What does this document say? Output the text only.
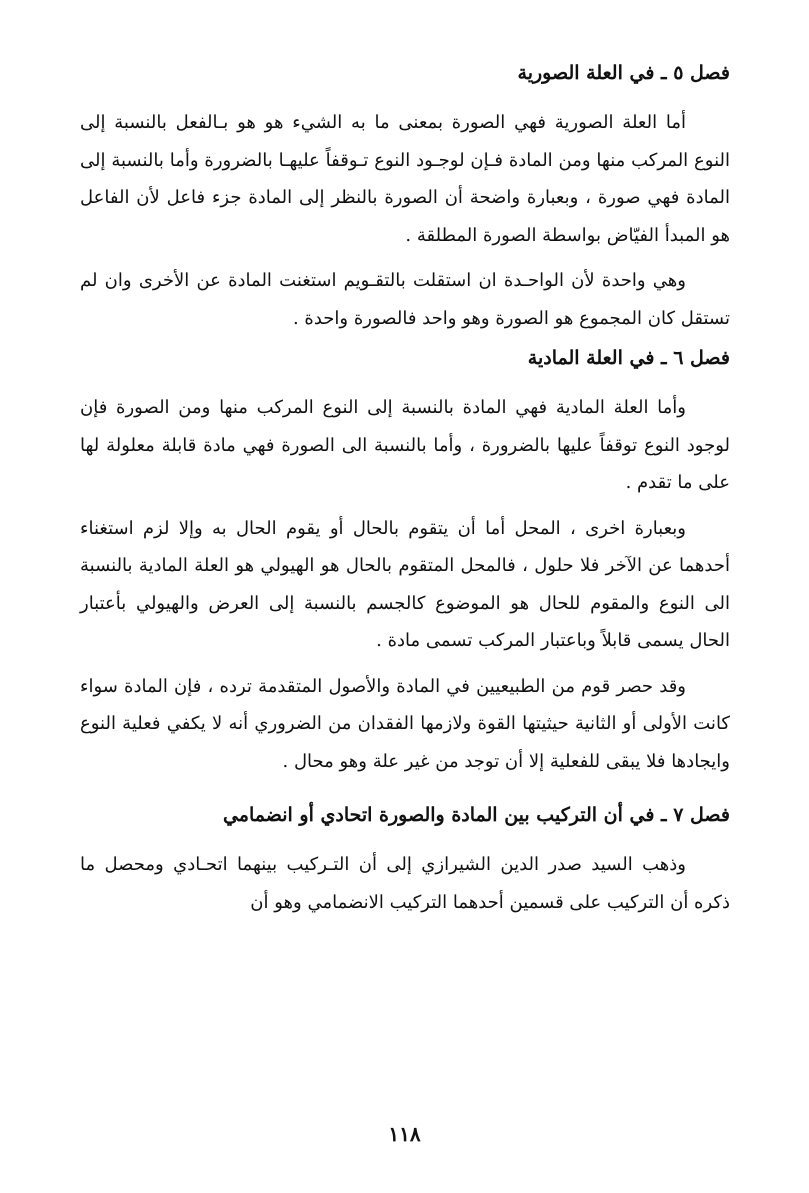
فصل ٥ ـ في العلة الصورية

أما العلة الصورية فهي الصورة بمعنى ما به الشيء هو هو بـالفعل بالنسبة إلى النوع المركب منها ومن المادة فـإن لوجـود النوع تـوقفاً عليهـا بالضرورة وأما بالنسبة إلى المادة فهي صورة ، وبعبارة واضحة أن الصورة بالنظر إلى المادة جزء فاعل لأن الفاعل هو المبدأ الفيّاض بواسطة الصورة المطلقة .

وهي واحدة لأن الواحـدة ان استقلت بالتقـويم استغنت المادة عن الأخرى وان لم تستقل كان المجموع هو الصورة وهو واحد فالصورة واحدة .

فصل ٦ ـ في العلة المادية

وأما العلة المادية فهي المادة بالنسبة إلى النوع المركب منها ومن الصورة فإن لوجود النوع توقفاً عليها بالضرورة ، وأما بالنسبة الى الصورة فهي مادة قابلة معلولة لها على ما تقدم .

وبعبارة اخرى ، المحل أما أن يتقوم بالحال أو يقوم الحال به وإلا لزم استغناء أحدهما عن الآخر فلا حلول ، فالمحل المتقوم بالحال هو الهيولي هو العلة المادية بالنسبة الى النوع والمقوم للحال هو الموضوع كالجسم بالنسبة إلى العرض والهيولي بأعتبار الحال يسمى قابلاً وباعتبار المركب تسمى مادة .

وقد حصر قوم من الطبيعيين في المادة والأصول المتقدمة ترده ، فإن المادة سواء كانت الأولى أو الثانية حيثيتها القوة ولازمها الفقدان من الضروري أنه لا يكفي فعلية النوع وايجادها فلا يبقى للفعلية إلا أن توجد من غير علة وهو محال .

فصل ٧ ـ في أن التركيب بين المادة والصورة اتحادي أو انضمامي

وذهب السيد صدر الدين الشيرازي إلى أن التـركيب بينهما اتحـادي ومحصل ما ذكره أن التركيب على قسمين أحدهما التركيب الانضمامي وهو أن

١١٨
